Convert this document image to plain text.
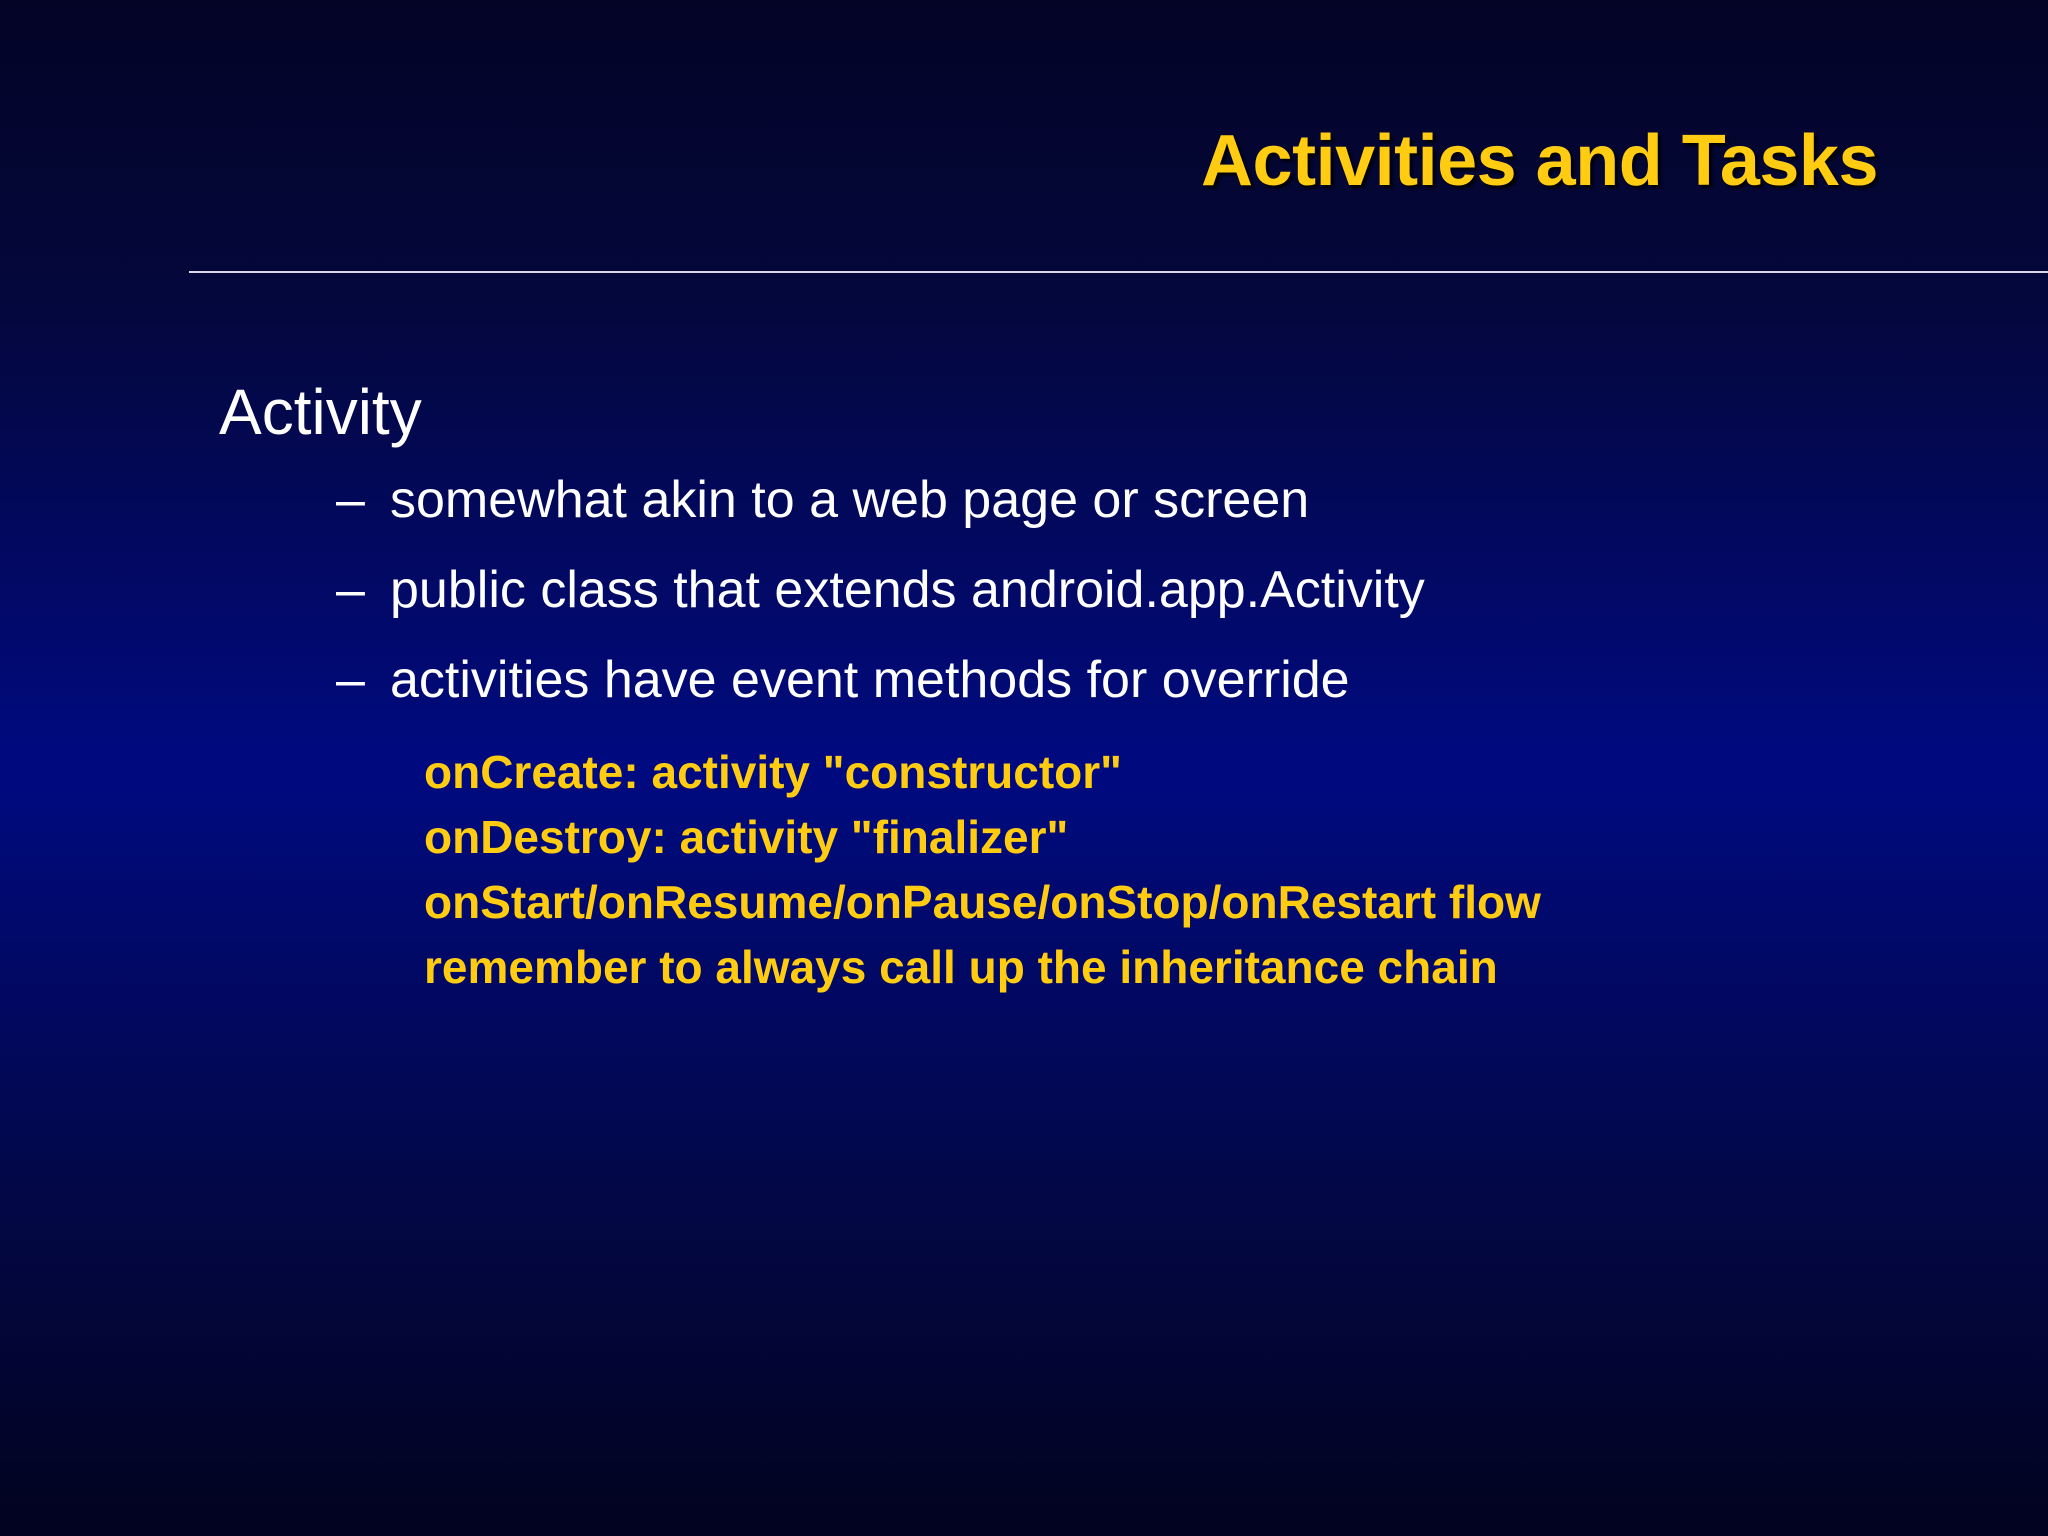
Activities and Tasks
Activity
– somewhat akin to a web page or screen
– public class that extends android.app.Activity
– activities have event methods for override
onCreate: activity "constructor"
onDestroy: activity "finalizer"
onStart/onResume/onPause/onStop/onRestart flow
remember to always call up the inheritance chain
